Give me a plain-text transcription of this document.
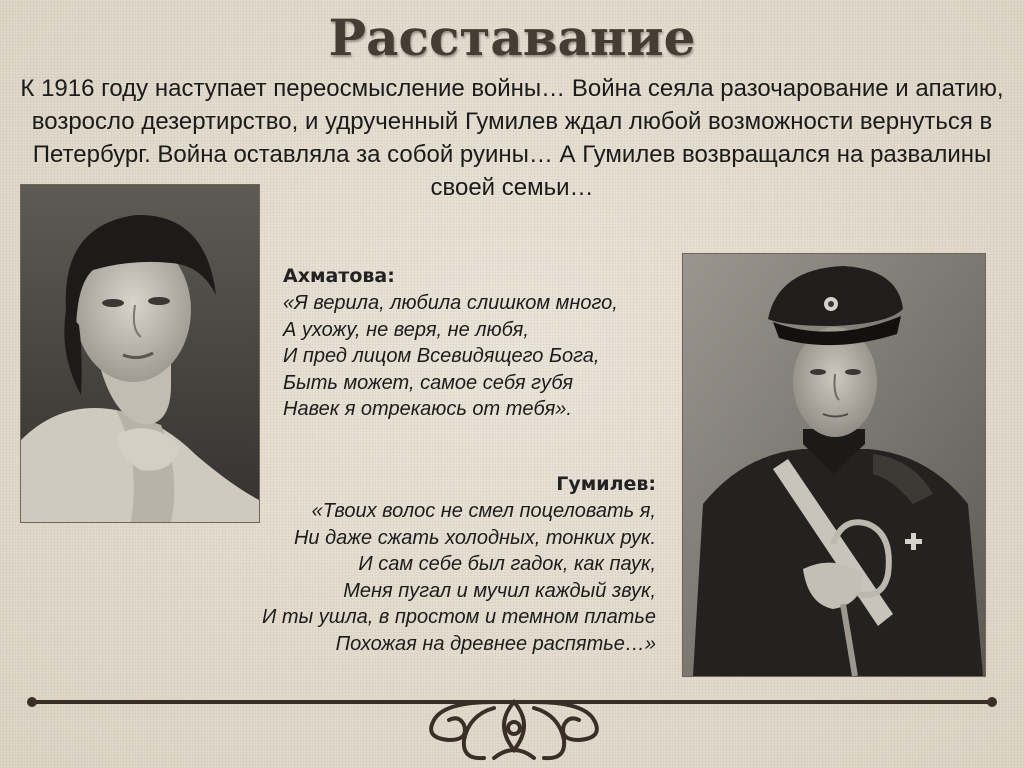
Расставание
К 1916 году наступает переосмысление войны… Война сеяла разочарование и апатию, возросло дезертирство, и удрученный Гумилев ждал любой возможности вернуться в Петербург. Война оставляла за собой руины… А Гумилев возвращался на развалины своей семьи…
Ахматова:
«Я верила, любила слишком много,
А ухожу, не веря, не любя,
И пред лицом Всевидящего Бога,
Быть может, самое себя губя
Навек я отрекаюсь от тебя».
Гумилев:
«Твоих волос не смел поцеловать я,
Ни даже сжать холодных, тонких рук.
И сам себе был гадок, как паук,
Меня пугал и мучил каждый звук,
И ты ушла, в простом и темном платье
Похожая на древнее распятье…»
